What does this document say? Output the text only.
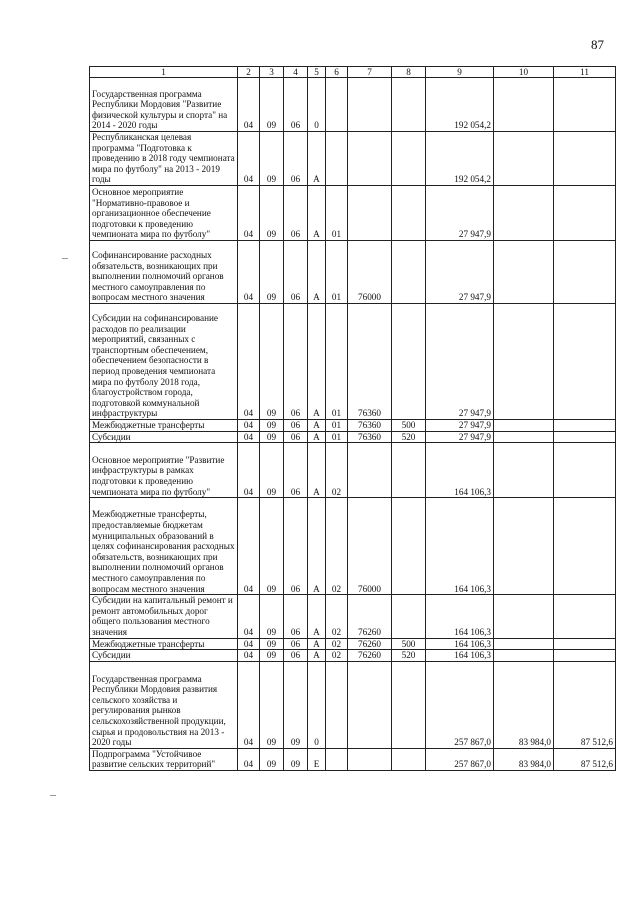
87
1	2	3	4	5	6	7	8	9	10	11
Государственная программа Республики Мордовия "Развитие физической культуры и спорта" на 2014 - 2020 годы	04	09	06	0				192 054,2		
Республиканская целевая программа "Подготовка к проведению в 2018 году чемпионата мира по футболу" на 2013 - 2019 годы	04	09	06	А				192 054,2		
Основное мероприятие "Нормативно-правовое и организационное обеспечение подготовки к проведению чемпионата мира по футболу"	04	09	06	А	01			27 947,9		
Софинансирование расходных обязательств, возникающих при выполнении полномочий органов местного самоуправления по вопросам местного значения	04	09	06	А	01	76000		27 947,9		
Субсидии на софинансирование расходов по реализации мероприятий, связанных с транспортным обеспечением, обеспечением безопасности в период проведения чемпионата мира по футболу 2018 года, благоустройством города, подготовкой коммунальной инфраструктуры	04	09	06	А	01	76360		27 947,9		
Межбюджетные трансферты	04	09	06	А	01	76360	500	27 947,9		
Субсидии	04	09	06	А	01	76360	520	27 947,9		
Основное мероприятие "Развитие инфраструктуры в рамках подготовки к проведению чемпионата мира по футболу"	04	09	06	А	02			164 106,3		
Межбюджетные трансферты, предоставляемые бюджетам муниципальных образований в целях софинансирования расходных обязательств, возникающих при выполнении полномочий органов местного самоуправления по вопросам местного значения	04	09	06	А	02	76000		164 106,3		
Субсидии на капитальный ремонт и ремонт автомобильных дорог общего пользования местного значения	04	09	06	А	02	76260		164 106,3		
Межбюджетные трансферты	04	09	06	А	02	76260	500	164 106,3		
Субсидии	04	09	06	А	02	76260	520	164 106,3		
Государственная программа Республики Мордовия развития сельского хозяйства и регулирования рынков сельскохозяйственной продукции, сырья и продовольствия на 2013 - 2020 годы	04	09	09	0				257 867,0	83 984,0	87 512,6
Подпрограмма "Устойчивое развитие сельских территорий"	04	09	09	Е				257 867,0	83 984,0	87 512,6
